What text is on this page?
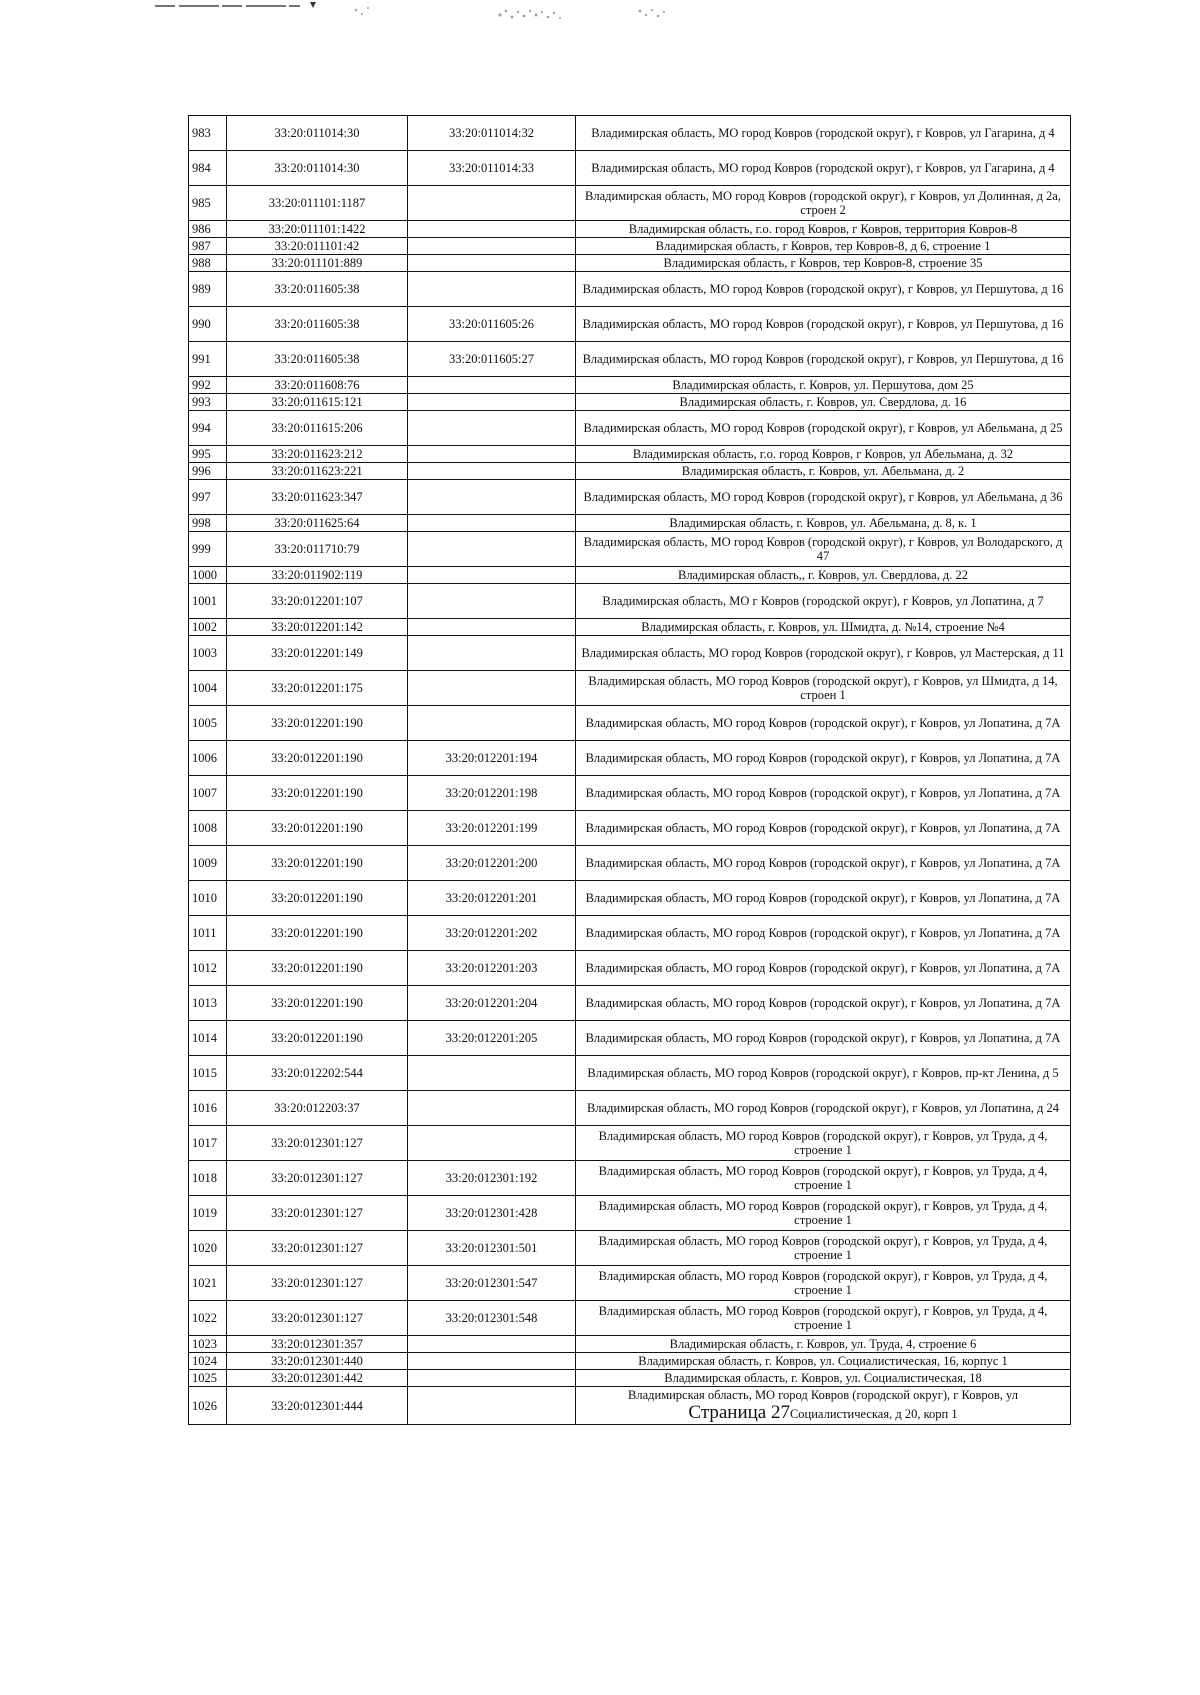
983	33:20:011014:30	33:20:011014:32	Владимирская область, МО город Ковров (городской округ), г Ковров, ул Гагарина, д 4
984	33:20:011014:30	33:20:011014:33	Владимирская область, МО город Ковров (городской округ), г Ковров, ул Гагарина, д 4
985	33:20:011101:1187		Владимирская область, МО город Ковров (городской округ), г Ковров, ул Долинная, д 2а, строен 2
986	33:20:011101:1422		Владимирская область, г.о. город Ковров, г Ковров, территория Ковров-8
987	33:20:011101:42		Владимирская область, г Ковров, тер Ковров-8, д 6, строение 1
988	33:20:011101:889		Владимирская область, г Ковров, тер Ковров-8, строение 35
989	33:20:011605:38		Владимирская область, МО город Ковров (городской округ), г Ковров, ул Першутова, д 16
990	33:20:011605:38	33:20:011605:26	Владимирская область, МО город Ковров (городской округ), г Ковров, ул Першутова, д 16
991	33:20:011605:38	33:20:011605:27	Владимирская область, МО город Ковров (городской округ), г Ковров, ул Першутова, д 16
992	33:20:011608:76		Владимирская область, г. Ковров, ул. Першутова, дом 25
993	33:20:011615:121		Владимирская область, г. Ковров, ул. Свердлова, д. 16
994	33:20:011615:206		Владимирская область, МО город Ковров (городской округ), г Ковров, ул Абельмана, д 25
995	33:20:011623:212		Владимирская область, г.о. город Ковров, г Ковров, ул Абельмана, д. 32
996	33:20:011623:221		Владимирская область, г. Ковров, ул. Абельмана, д. 2
997	33:20:011623:347		Владимирская область, МО город Ковров (городской округ), г Ковров, ул Абельмана, д 36
998	33:20:011625:64		Владимирская область, г. Ковров, ул. Абельмана, д. 8, к. 1
999	33:20:011710:79		Владимирская область, МО город Ковров (городской округ), г Ковров, ул Володарского, д 47
1000	33:20:011902:119		Владимирская область,, г. Ковров, ул. Свердлова, д. 22
1001	33:20:012201:107		Владимирская область, МО г Ковров (городской округ), г Ковров, ул Лопатина, д 7
1002	33:20:012201:142		Владимирская область, г. Ковров, ул. Шмидта, д. №14, строение №4
1003	33:20:012201:149		Владимирская область, МО город Ковров (городской округ), г Ковров, ул Мастерская, д 11
1004	33:20:012201:175		Владимирская область, МО город Ковров (городской округ), г Ковров, ул Шмидта, д 14, строен 1
1005	33:20:012201:190		Владимирская область, МО город Ковров (городской округ), г Ковров, ул Лопатина, д 7А
1006	33:20:012201:190	33:20:012201:194	Владимирская область, МО город Ковров (городской округ), г Ковров, ул Лопатина, д 7А
1007	33:20:012201:190	33:20:012201:198	Владимирская область, МО город Ковров (городской округ), г Ковров, ул Лопатина, д 7А
1008	33:20:012201:190	33:20:012201:199	Владимирская область, МО город Ковров (городской округ), г Ковров, ул Лопатина, д 7А
1009	33:20:012201:190	33:20:012201:200	Владимирская область, МО город Ковров (городской округ), г Ковров, ул Лопатина, д 7А
1010	33:20:012201:190	33:20:012201:201	Владимирская область, МО город Ковров (городской округ), г Ковров, ул Лопатина, д 7А
1011	33:20:012201:190	33:20:012201:202	Владимирская область, МО город Ковров (городской округ), г Ковров, ул Лопатина, д 7А
1012	33:20:012201:190	33:20:012201:203	Владимирская область, МО город Ковров (городской округ), г Ковров, ул Лопатина, д 7А
1013	33:20:012201:190	33:20:012201:204	Владимирская область, МО город Ковров (городской округ), г Ковров, ул Лопатина, д 7А
1014	33:20:012201:190	33:20:012201:205	Владимирская область, МО город Ковров (городской округ), г Ковров, ул Лопатина, д 7А
1015	33:20:012202:544		Владимирская область, МО город Ковров (городской округ), г Ковров, пр-кт Ленина, д 5
1016	33:20:012203:37		Владимирская область, МО город Ковров (городской округ), г Ковров, ул Лопатина, д 24
1017	33:20:012301:127		Владимирская область, МО город Ковров (городской округ), г Ковров, ул Труда, д 4, строение 1
1018	33:20:012301:127	33:20:012301:192	Владимирская область, МО город Ковров (городской округ), г Ковров, ул Труда, д 4, строение 1
1019	33:20:012301:127	33:20:012301:428	Владимирская область, МО город Ковров (городской округ), г Ковров, ул Труда, д 4, строение 1
1020	33:20:012301:127	33:20:012301:501	Владимирская область, МО город Ковров (городской округ), г Ковров, ул Труда, д 4, строение 1
1021	33:20:012301:127	33:20:012301:547	Владимирская область, МО город Ковров (городской округ), г Ковров, ул Труда, д 4, строение 1
1022	33:20:012301:127	33:20:012301:548	Владимирская область, МО город Ковров (городской округ), г Ковров, ул Труда, д 4, строение 1
1023	33:20:012301:357		Владимирская область, г. Ковров, ул. Труда, 4, строение 6
1024	33:20:012301:440		Владимирская область, г. Ковров, ул. Социалистическая, 16, корпус 1
1025	33:20:012301:442		Владимирская область, г. Ковров, ул. Социалистическая, 18
1026	33:20:012301:444		Владимирская область, МО город Ковров (городской округ), г Ковров, ул
Страница 27Социалистическая, д 20, корп 1
